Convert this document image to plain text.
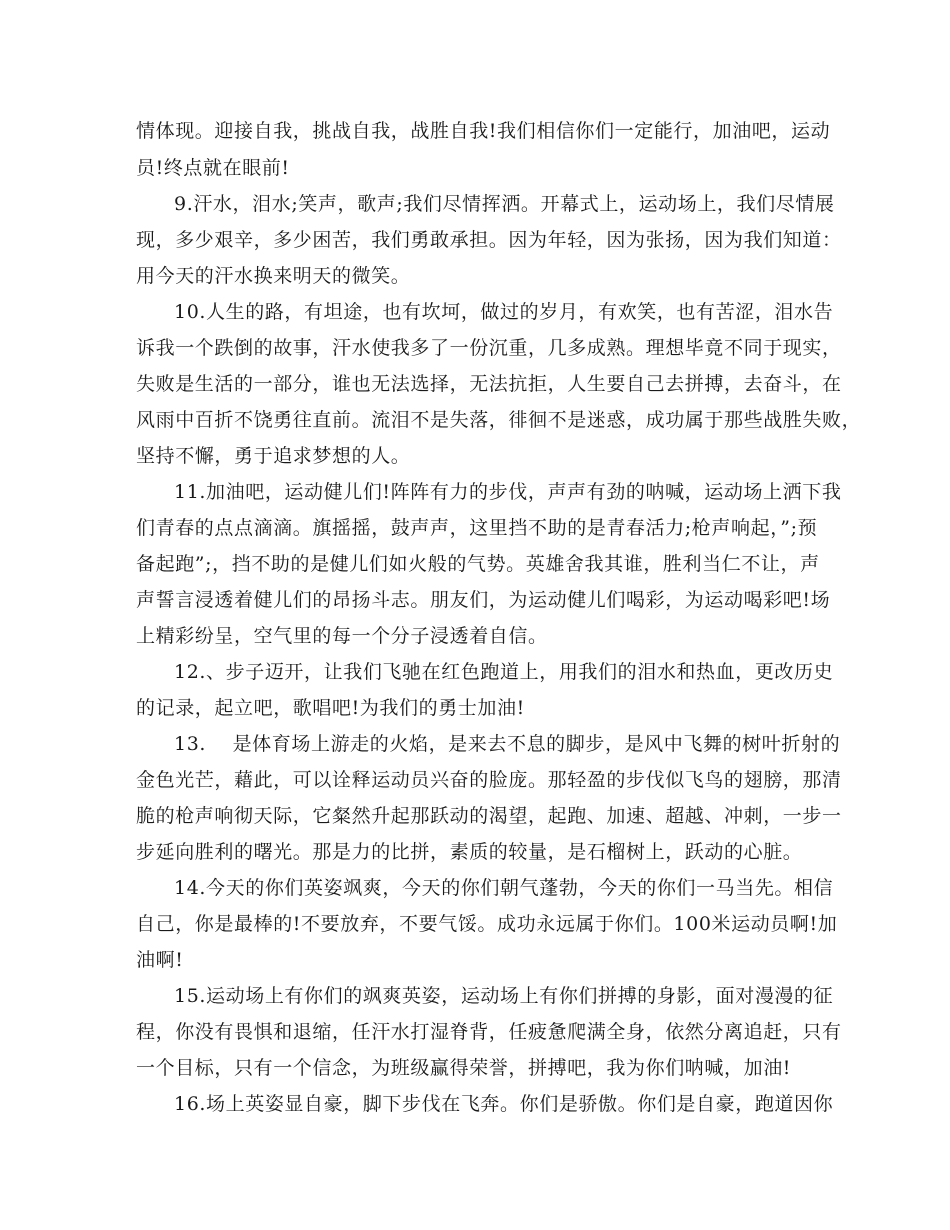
情体现。迎接自我，挑战自我，战胜自我!我们相信你们一定能行，加油吧，运动
员!终点就在眼前!
9.汗水，泪水;笑声，歌声;我们尽情挥洒。开幕式上，运动场上，我们尽情展
现，多少艰辛，多少困苦，我们勇敢承担。因为年轻，因为张扬，因为我们知道：
用今天的汗水换来明天的微笑。
10.人生的路，有坦途，也有坎坷，做过的岁月，有欢笑，也有苦涩，泪水告
诉我一个跌倒的故事，汗水使我多了一份沉重，几多成熟。理想毕竟不同于现实，
失败是生活的一部分，谁也无法选择，无法抗拒，人生要自己去拼搏，去奋斗，在
风雨中百折不饶勇往直前。流泪不是失落，徘徊不是迷惑，成功属于那些战胜失败，
坚持不懈，勇于追求梦想的人。
11.加油吧，运动健儿们!阵阵有力的步伐，声声有劲的呐喊，运动场上洒下我
们青春的点点滴滴。旗摇摇，鼓声声，这里挡不助的是青春活力;枪声响起，”;预
备起跑”;，挡不助的是健儿们如火般的气势。英雄舍我其谁，胜利当仁不让，声
声誓言浸透着健儿们的昂扬斗志。朋友们，为运动健儿们喝彩，为运动喝彩吧!场
上精彩纷呈，空气里的每一个分子浸透着自信。
12.、步子迈开，让我们飞驰在红色跑道上，用我们的泪水和热血，更改历史
的记录，起立吧，歌唱吧!为我们的勇士加油!
13.    是体育场上游走的火焰，是来去不息的脚步，是风中飞舞的树叶折射的
金色光芒，藉此，可以诠释运动员兴奋的脸庞。那轻盈的步伐似飞鸟的翅膀，那清
脆的枪声响彻天际，它粲然升起那跃动的渴望，起跑、加速、超越、冲刺，一步一
步延向胜利的曙光。那是力的比拼，素质的较量，是石榴树上，跃动的心脏。
14.今天的你们英姿飒爽，今天的你们朝气蓬勃，今天的你们一马当先。相信
自己，你是最棒的!不要放弃，不要气馁。成功永远属于你们。100米运动员啊!加
油啊!
15.运动场上有你们的飒爽英姿，运动场上有你们拼搏的身影，面对漫漫的征
程，你没有畏惧和退缩，任汗水打湿脊背，任疲惫爬满全身，依然分离追赶，只有
一个目标，只有一个信念，为班级赢得荣誉，拼搏吧，我为你们呐喊，加油!
16.场上英姿显自豪，脚下步伐在飞奔。你们是骄傲。你们是自豪，跑道因你
